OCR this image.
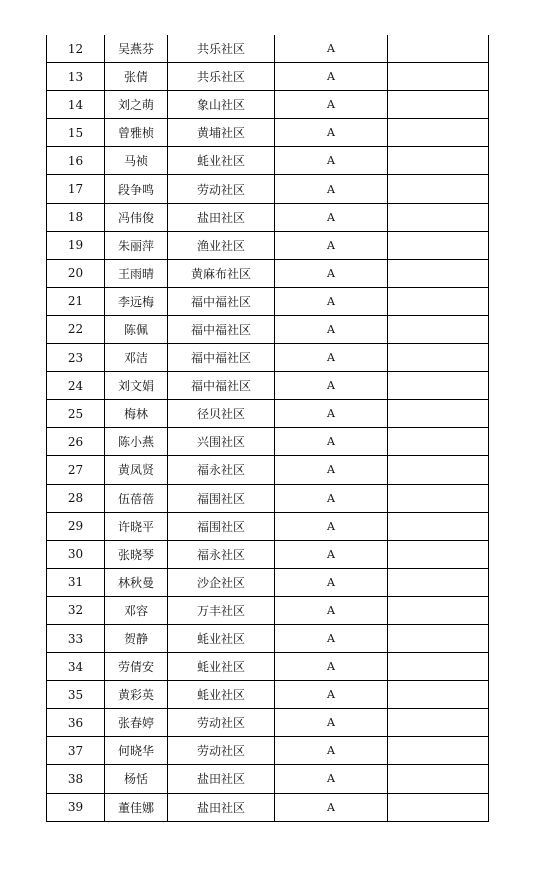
12	吴燕芬	共乐社区	A	
13	张倩	共乐社区	A	
14	刘之萌	象山社区	A	
15	曾雅桢	黄埔社区	A	
16	马祯	蚝业社区	A	
17	段争鸣	劳动社区	A	
18	冯伟俊	盐田社区	A	
19	朱丽萍	渔业社区	A	
20	王雨晴	黄麻布社区	A	
21	李远梅	福中福社区	A	
22	陈佩	福中福社区	A	
23	邓洁	福中福社区	A	
24	刘文娟	福中福社区	A	
25	梅林	径贝社区	A	
26	陈小燕	兴围社区	A	
27	黄凤贤	福永社区	A	
28	伍蓓蓓	福围社区	A	
29	许晓平	福围社区	A	
30	张晓琴	福永社区	A	
31	林秋曼	沙企社区	A	
32	邓容	万丰社区	A	
33	贺静	蚝业社区	A	
34	劳倩安	蚝业社区	A	
35	黄彩英	蚝业社区	A	
36	张春婷	劳动社区	A	
37	何晓华	劳动社区	A	
38	杨恬	盐田社区	A	
39	董佳娜	盐田社区	A	
